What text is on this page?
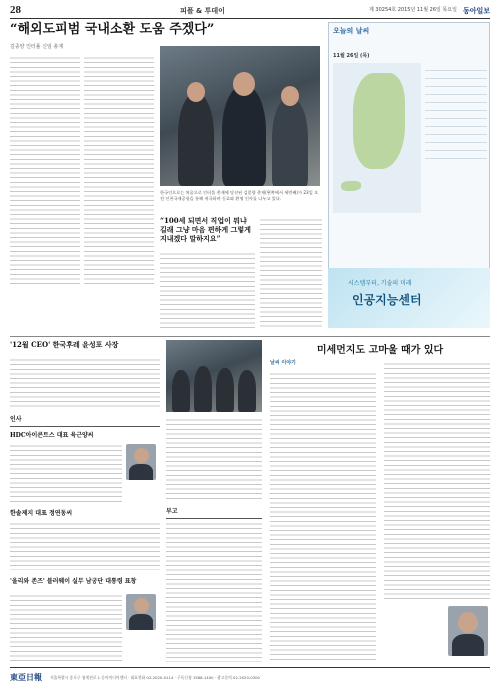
28	피플 & 투데이	제 30254호 2015년 11월 26일 목요일 동아일보
“해외도피범 국내소환 도움 주겠다”
김종양 인터폴 신임 총재
한국인으로는 처음으로 인터폴 총재에 당선된 김종양 총재(왼쪽에서 세번째)가 23일 오전 인천국제공항을 통해 귀국하며 동료와 환영 인사를 나누고 있다.
“100세 되면서 직업이 뭐냐 길래 그냥 마음 편하게 그렇게 지내겠다 말하지요”
오늘의 날씨
11월 26일 (목)
시스템부터, 기술의 미래
인공지능센터
'12월 CEO' 한국후레 윤성포 사장
인사
HDC아이콘트스 대표 육근양씨
한솔제지 대표 정연동씨
'올리와 존즈' 블러웨이 실무 남궁단 대통령 표창
부고
미세먼지도 고마울 때가 있다
날씨 이야기
東亞日報 서울특별시 종로구 청계천로 1 동아미디어센터 · 대표전화 02-2020-0114 · 구독신청 1588-1400 · 광고문의 02-2020-0300
